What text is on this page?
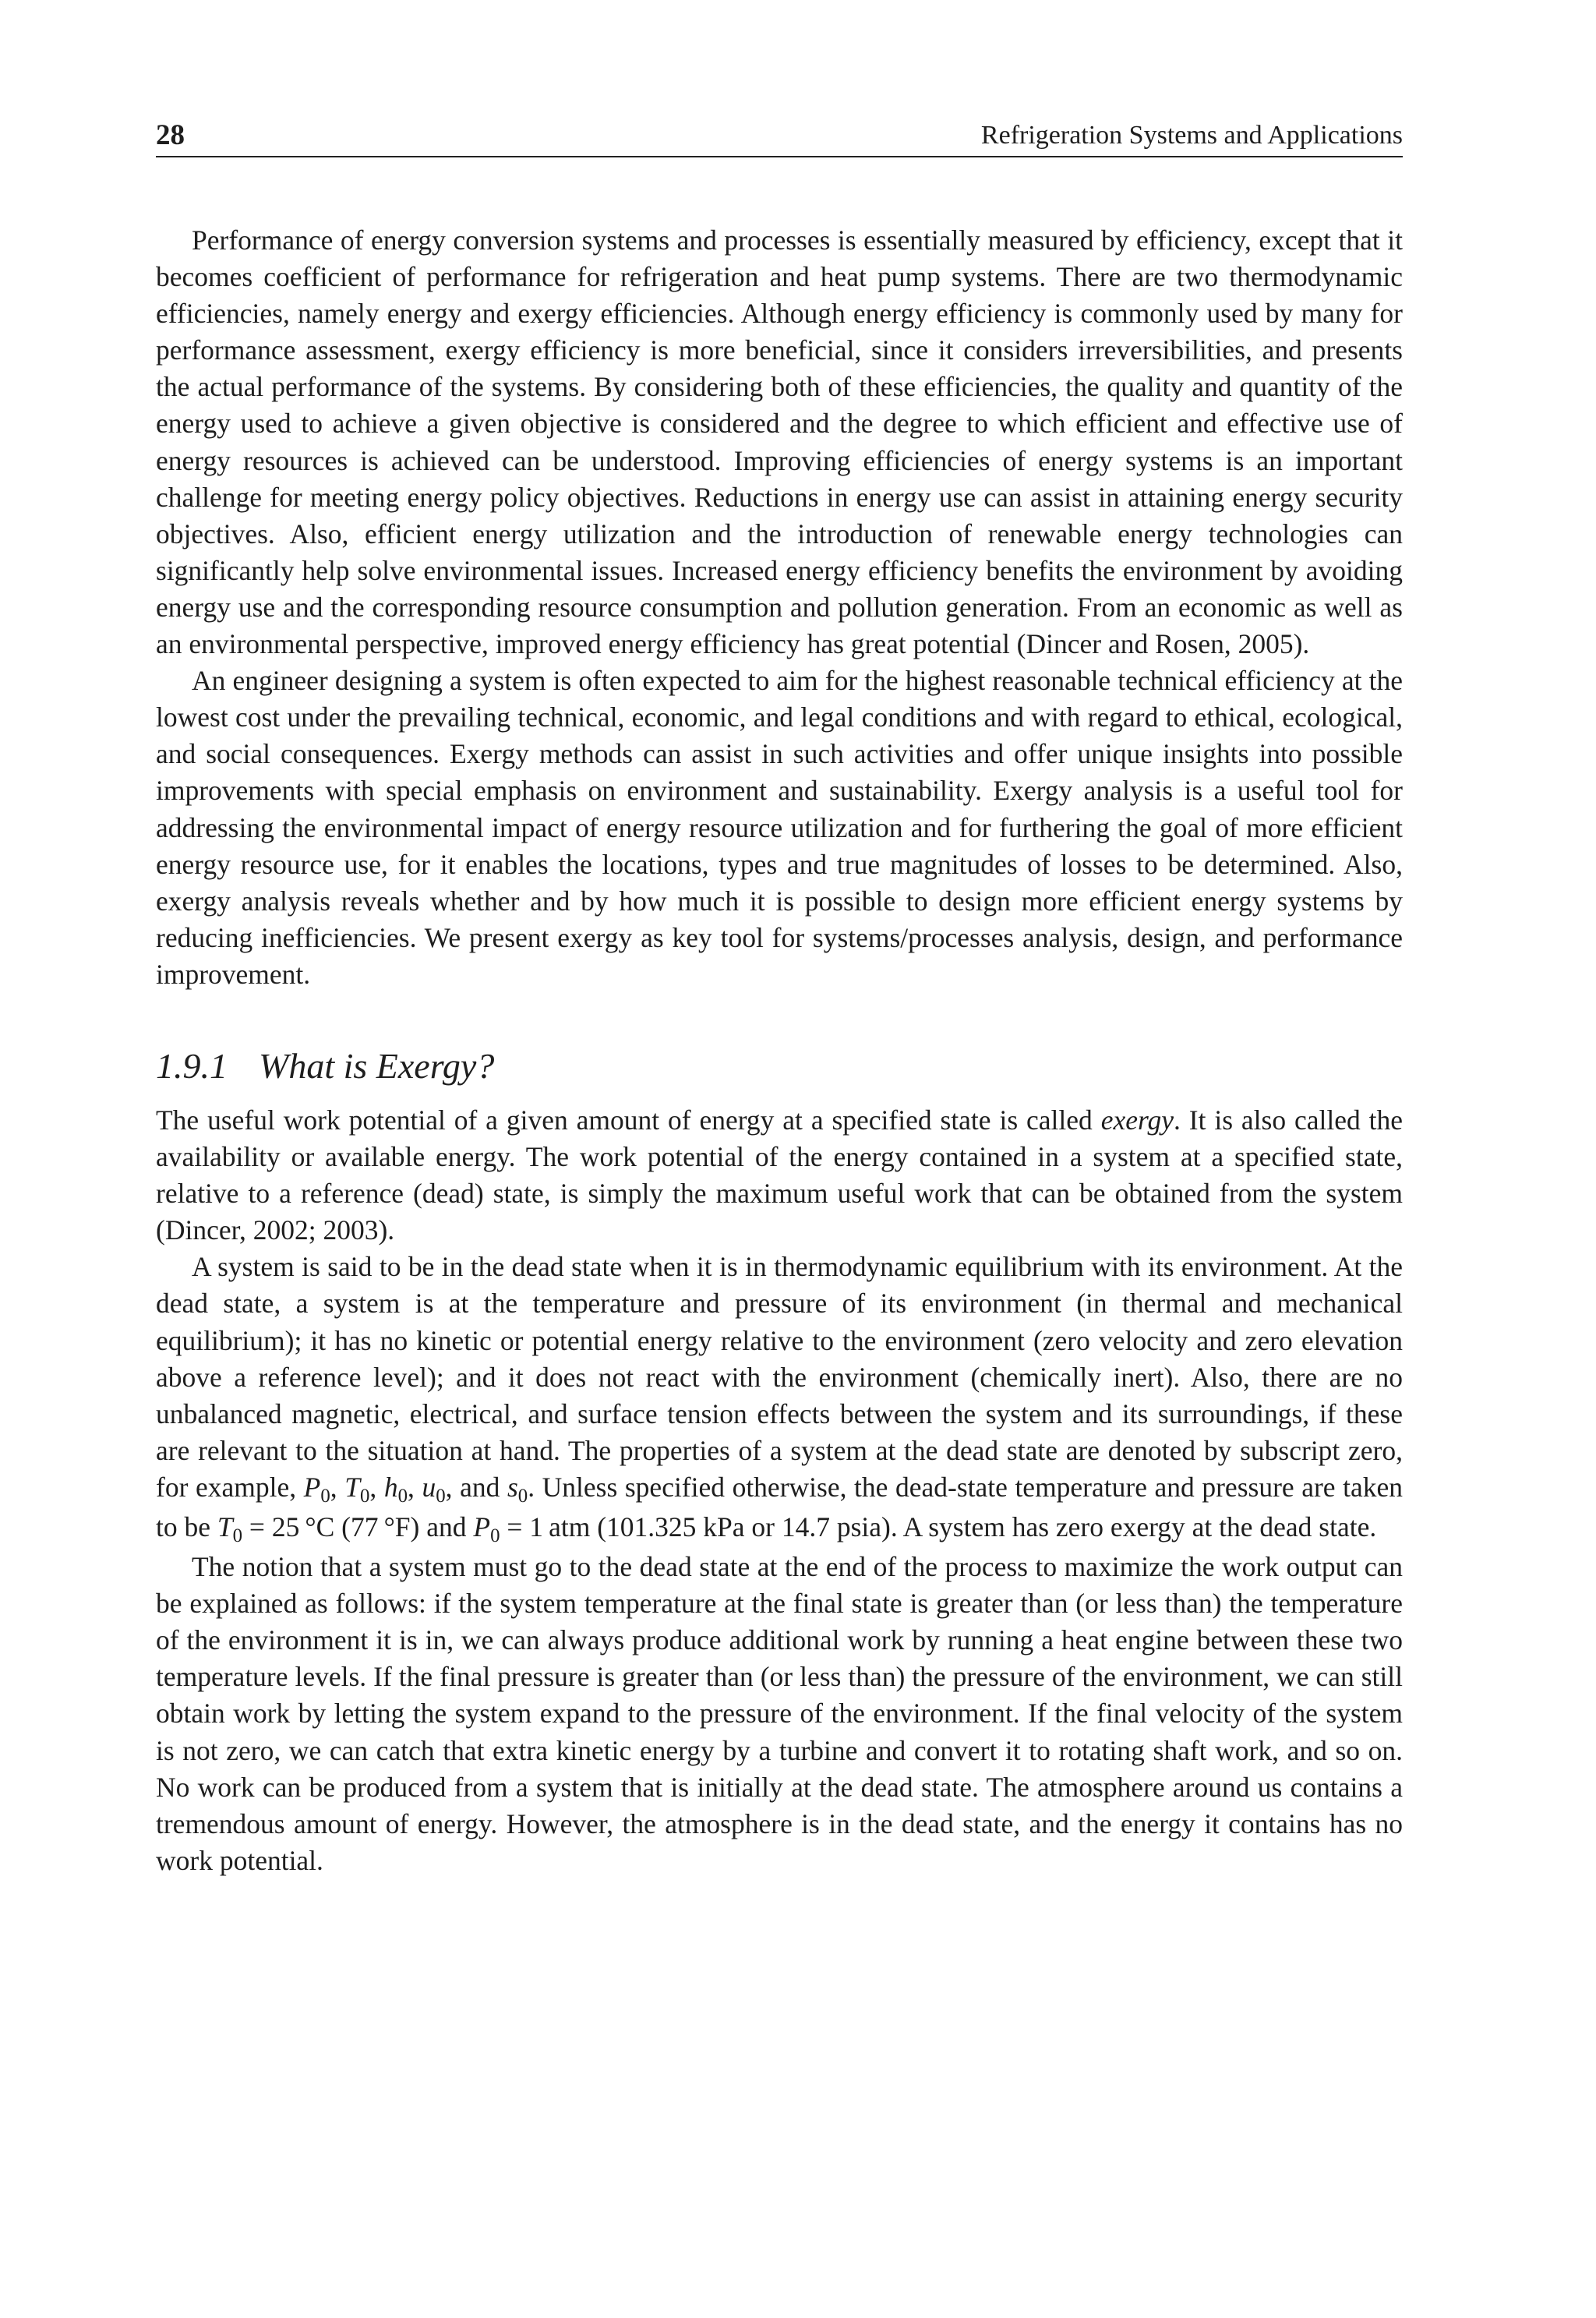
28	Refrigeration Systems and Applications

Performance of energy conversion systems and processes is essentially measured by efficiency, except that it becomes coefficient of performance for refrigeration and heat pump systems. There are two thermodynamic efficiencies, namely energy and exergy efficiencies. Although energy efficiency is commonly used by many for performance assessment, exergy efficiency is more beneficial, since it considers irreversibilities, and presents the actual performance of the systems. By considering both of these efficiencies, the quality and quantity of the energy used to achieve a given objective is considered and the degree to which efficient and effective use of energy resources is achieved can be understood. Improving efficiencies of energy systems is an important challenge for meeting energy policy objectives. Reductions in energy use can assist in attaining energy security objectives. Also, efficient energy utilization and the introduction of renewable energy technologies can significantly help solve environmental issues. Increased energy efficiency benefits the environment by avoiding energy use and the corresponding resource consumption and pollution generation. From an economic as well as an environmental perspective, improved energy efficiency has great potential (Dincer and Rosen, 2005).

An engineer designing a system is often expected to aim for the highest reasonable technical efficiency at the lowest cost under the prevailing technical, economic, and legal conditions and with regard to ethical, ecological, and social consequences. Exergy methods can assist in such activities and offer unique insights into possible improvements with special emphasis on environment and sustainability. Exergy analysis is a useful tool for addressing the environmental impact of energy resource utilization and for furthering the goal of more efficient energy resource use, for it enables the locations, types and true magnitudes of losses to be determined. Also, exergy analysis reveals whether and by how much it is possible to design more efficient energy systems by reducing inefficiencies. We present exergy as key tool for systems/processes analysis, design, and performance improvement.

1.9.1 What is Exergy?

The useful work potential of a given amount of energy at a specified state is called exergy. It is also called the availability or available energy. The work potential of the energy contained in a system at a specified state, relative to a reference (dead) state, is simply the maximum useful work that can be obtained from the system (Dincer, 2002; 2003).

A system is said to be in the dead state when it is in thermodynamic equilibrium with its environment. At the dead state, a system is at the temperature and pressure of its environment (in thermal and mechanical equilibrium); it has no kinetic or potential energy relative to the environment (zero velocity and zero elevation above a reference level); and it does not react with the environment (chemically inert). Also, there are no unbalanced magnetic, electrical, and surface tension effects between the system and its surroundings, if these are relevant to the situation at hand. The properties of a system at the dead state are denoted by subscript zero, for example, $P_0$, $T_0$, $h_0$, $u_0$, and $s_0$. Unless specified otherwise, the dead-state temperature and pressure are taken to be $T_0 = 25$ °C (77 °F) and $P_0 = 1$ atm (101.325 kPa or 14.7 psia). A system has zero exergy at the dead state.

The notion that a system must go to the dead state at the end of the process to maximize the work output can be explained as follows: if the system temperature at the final state is greater than (or less than) the temperature of the environment it is in, we can always produce additional work by running a heat engine between these two temperature levels. If the final pressure is greater than (or less than) the pressure of the environment, we can still obtain work by letting the system expand to the pressure of the environment. If the final velocity of the system is not zero, we can catch that extra kinetic energy by a turbine and convert it to rotating shaft work, and so on. No work can be produced from a system that is initially at the dead state. The atmosphere around us contains a tremendous amount of energy. However, the atmosphere is in the dead state, and the energy it contains has no work potential.
